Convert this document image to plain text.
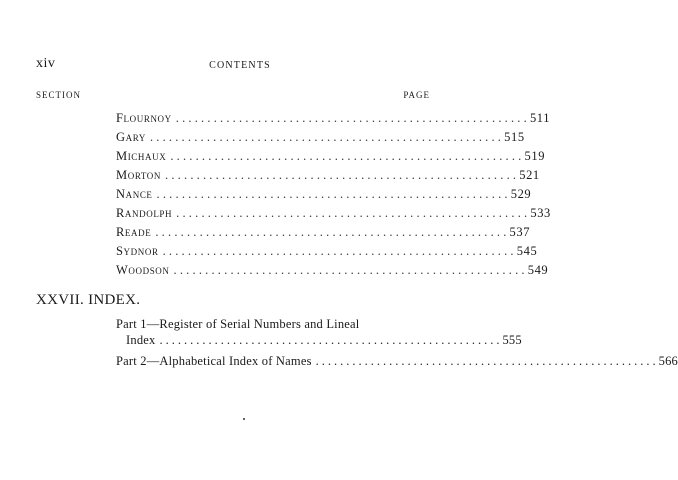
xiv	CONTENTS
SECTION	PAGE
Flournoy ........................................................ 511
Gary ........................................................ 515
Michaux ........................................................ 519
Morton ........................................................ 521
Nance ........................................................ 529
Randolph ........................................................ 533
Reade ........................................................ 537
Sydnor ........................................................ 545
Woodson ........................................................ 549
XXVII. INDEX.
Part 1—Register of Serial Numbers and Lineal
Index ........................................................ 555
Part 2—Alphabetical Index of Names ........................................................ 566
